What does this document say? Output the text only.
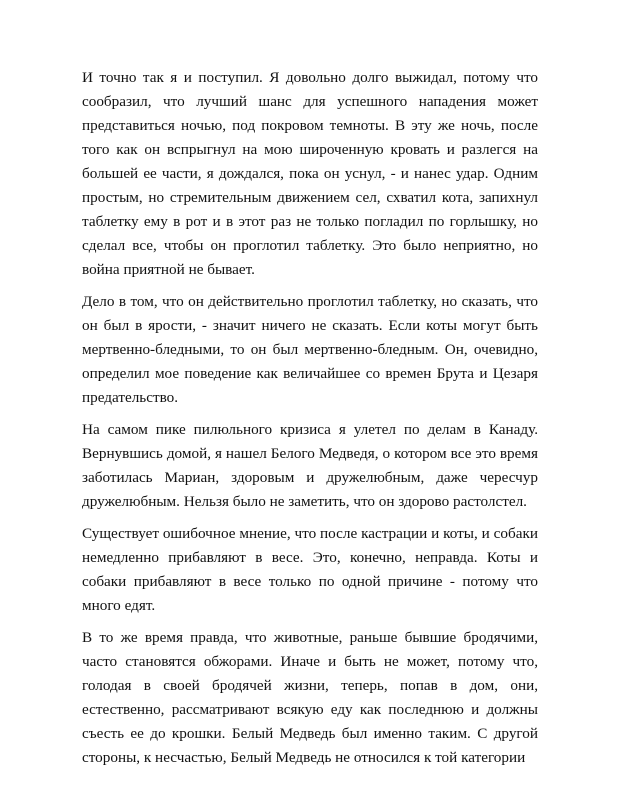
И точно так я и поступил. Я довольно долго выжидал, потому что сообразил, что лучший шанс для успешного нападения может представиться ночью, под покровом темноты. В эту же ночь, после того как он вспрыгнул на мою широченную кровать и разлегся на большей ее части, я дождался, пока он уснул, - и нанес удар. Одним простым, но стремительным движением сел, схватил кота, запихнул таблетку ему в рот и в этот раз не только погладил по горлышку, но сделал все, чтобы он проглотил таблетку. Это было неприятно, но война приятной не бывает.

Дело в том, что он действительно проглотил таблетку, но сказать, что он был в ярости, - значит ничего не сказать. Если коты могут быть мертвенно-бледными, то он был мертвенно-бледным. Он, очевидно, определил мое поведение как величайшее со времен Брута и Цезаря предательство.

На самом пике пилюльного кризиса я улетел по делам в Канаду. Вернувшись домой, я нашел Белого Медведя, о котором все это время заботилась Мариан, здоровым и дружелюбным, даже чересчур дружелюбным. Нельзя было не заметить, что он здорово растолстел.

Существует ошибочное мнение, что после кастрации и коты, и собаки немедленно прибавляют в весе. Это, конечно, неправда. Коты и собаки прибавляют в весе только по одной причине - потому что много едят.

В то же время правда, что животные, раньше бывшие бродячими, часто становятся обжорами. Иначе и быть не может, потому что, голодая в своей бродячей жизни, теперь, попав в дом, они, естественно, рассматривают всякую еду как последнюю и должны съесть ее до крошки. Белый Медведь был именно таким. С другой стороны, к несчастью, Белый Медведь не относился к той категории
